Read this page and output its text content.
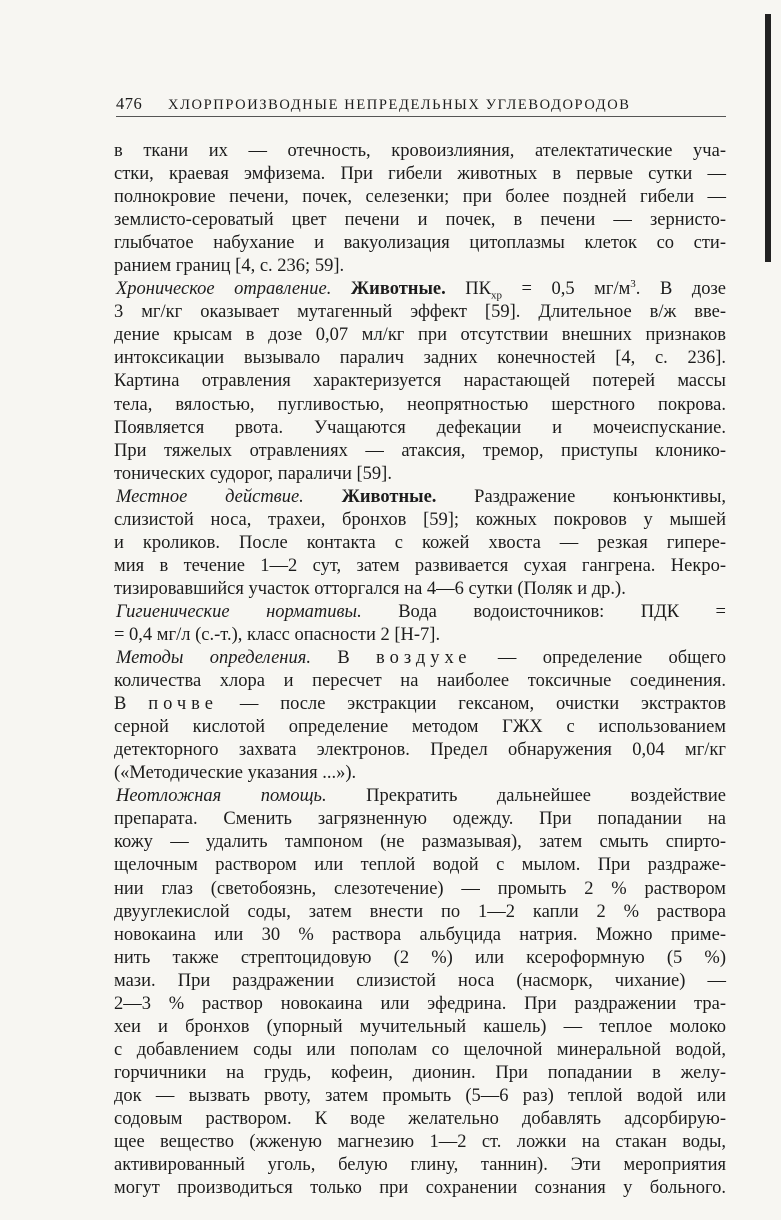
476	ХЛОРПРОИЗВОДНЫЕ НЕПРЕДЕЛЬНЫХ УГЛЕВОДОРОДОВ

в ткани их — отечность, кровоизлияния, ателектатические уча-

стки, краевая эмфизема. При гибели животных в первые сутки —

полнокровие печени, почек, селезенки; при более поздней гибели —

землисто-сероватый цвет печени и почек, в печени — зернисто-

глыбчатое набухание и вакуолизация цитоплазмы клеток со сти-

ранием границ [4, с. 236; 59].

Хроническое отравление. Животные. $ПК_{хр} = 0,5$ $мг/м^3$. В дозе

3 мг/кг оказывает мутагенный эффект [59]. Длительное в/ж вве-

дение крысам в дозе 0,07 мл/кг при отсутствии внешних признаков

интоксикации вызывало паралич задних конечностей [4, с. 236].

Картина отравления характеризуется нарастающей потерей массы

тела, вялостью, пугливостью, неопрятностью шерстного покрова.

Появляется рвота. Учащаются дефекации и мочеиспускание.

При тяжелых отравлениях — атаксия, тремор, приступы клонико-

тонических судорог, параличи [59].

Местное действие. Животные. Раздражение конъюнктивы,

слизистой носа, трахеи, бронхов [59]; кожных покровов у мышей

и кроликов. После контакта с кожей хвоста — резкая гипере-

мия в течение 1—2 сут, затем развивается сухая гангрена. Некро-

тизировавшийся участок отторгался на 4—6 сутки (Поляк и др.).

Гигиенические нормативы. Вода водоисточников: ПДК =

= 0,4 мг/л (с.-т.), класс опасности 2 [Н-7].

Методы определения. В воздухе — определение общего

количества хлора и пересчет на наиболее токсичные соединения.

В почве — после экстракции гексаном, очистки экстрактов

серной кислотой определение методом ГЖХ с использованием

детекторного захвата электронов. Предел обнаружения 0,04 мг/кг

(«Методические указания ...»).

Неотложная помощь. Прекратить дальнейшее воздействие

препарата. Сменить загрязненную одежду. При попадании на

кожу — удалить тампоном (не размазывая), затем смыть спирто-

щелочным раствором или теплой водой с мылом. При раздраже-

нии глаз (светобоязнь, слезотечение) — промыть 2 % раствором

двууглекислой соды, затем внести по 1—2 капли 2 % раствора

новокаина или 30 % раствора альбуцида натрия. Можно приме-

нить также стрептоцидовую (2 %) или ксероформную (5 %)

мази. При раздражении слизистой носа (насморк, чихание) —

2—3 % раствор новокаина или эфедрина. При раздражении тра-

хеи и бронхов (упорный мучительный кашель) — теплое молоко

с добавлением соды или пополам со щелочной минеральной водой,

горчичники на грудь, кофеин, дионин. При попадании в желу-

док — вызвать рвоту, затем промыть (5—6 раз) теплой водой или

содовым раствором. К воде желательно добавлять адсорбирую-

щее вещество (жженую магнезию 1—2 ст. ложки на стакан воды,

активированный уголь, белую глину, таннин). Эти мероприятия

могут производиться только при сохранении сознания у больного.
